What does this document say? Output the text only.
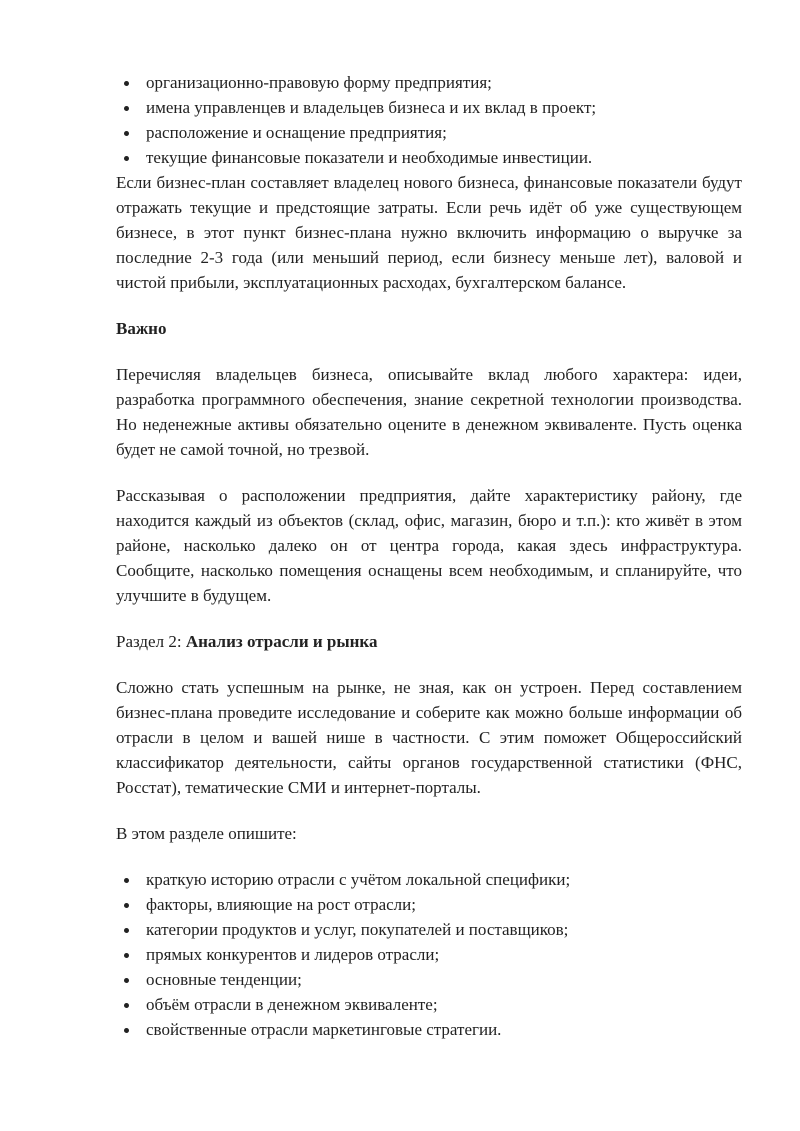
организационно-правовую форму предприятия;
имена управленцев и владельцев бизнеса и их вклад в проект;
расположение и оснащение предприятия;
текущие финансовые показатели и необходимые инвестиции.

Если бизнес-план составляет владелец нового бизнеса, финансовые показатели будут отражать текущие и предстоящие затраты. Если речь идёт об уже существующем бизнесе, в этот пункт бизнес-плана нужно включить информацию о выручке за последние 2-3 года (или меньший период, если бизнесу меньше лет), валовой и чистой прибыли, эксплуатационных расходах, бухгалтерском балансе.

Важно

Перечисляя владельцев бизнеса, описывайте вклад любого характера: идеи, разработка программного обеспечения, знание секретной технологии производства. Но неденежные активы обязательно оцените в денежном эквиваленте. Пусть оценка будет не самой точной, но трезвой.

Рассказывая о расположении предприятия, дайте характеристику району, где находится каждый из объектов (склад, офис, магазин, бюро и т.п.): кто живёт в этом районе, насколько далеко он от центра города, какая здесь инфраструктура. Сообщите, насколько помещения оснащены всем необходимым, и спланируйте, что улучшите в будущем.

Раздел 2: Анализ отрасли и рынка

Сложно стать успешным на рынке, не зная, как он устроен. Перед составлением бизнес-плана проведите исследование и соберите как можно больше информации об отрасли в целом и вашей нише в частности. С этим поможет Общероссийский классификатор деятельности, сайты органов государственной статистики (ФНС, Росстат), тематические СМИ и интернет-порталы.

В этом разделе опишите:

краткую историю отрасли с учётом локальной специфики;
факторы, влияющие на рост отрасли;
категории продуктов и услуг, покупателей и поставщиков;
прямых конкурентов и лидеров отрасли;
основные тенденции;
объём отрасли в денежном эквиваленте;
свойственные отрасли маркетинговые стратегии.
